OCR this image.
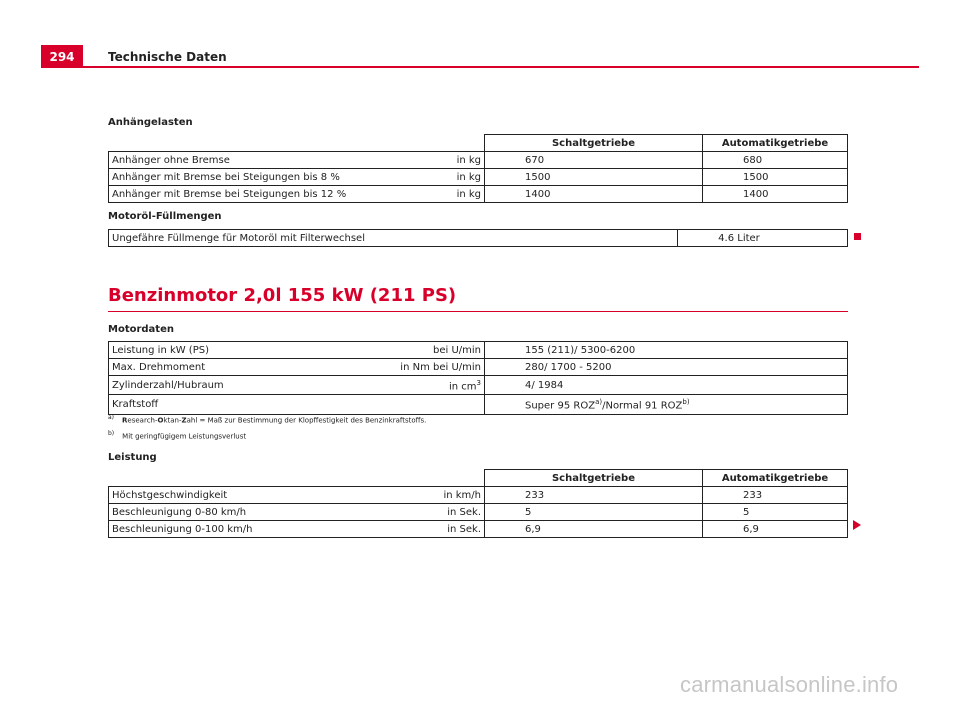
294	Technische Daten
Anhängelasten
		Schaltgetriebe	Automatikgetriebe
Anhänger ohne Bremse	in kg	670	680
Anhänger mit Bremse bei Steigungen bis 8 %	in kg	1500	1500
Anhänger mit Bremse bei Steigungen bis 12 %	in kg	1400	1400
Motoröl-Füllmengen
Ungefähre Füllmenge für Motoröl mit Filterwechsel	4.6 Liter
Benzinmotor 2,0l 155 kW (211 PS)
Motordaten
Leistung in kW (PS)	bei U/min	155 (211)/ 5300-6200
Max. Drehmoment	in Nm bei U/min	280/ 1700 - 5200
Zylinderzahl/Hubraum	in $cm^3$	4/ 1984
Kraftstoff		Super 95 ROZ$^{a)}$/Normal 91 ROZ$^{b)}$
a) Research-Oktan-Zahl = Maß zur Bestimmung der Klopffestigkeit des Benzinkraftstoffs.
b) Mit geringfügigem Leistungsverlust
Leistung
		Schaltgetriebe	Automatikgetriebe
Höchstgeschwindigkeit	in km/h	233	233
Beschleunigung 0-80 km/h	in Sek.	5	5
Beschleunigung 0-100 km/h	in Sek.	6,9	6,9
carmanualsonline.info
